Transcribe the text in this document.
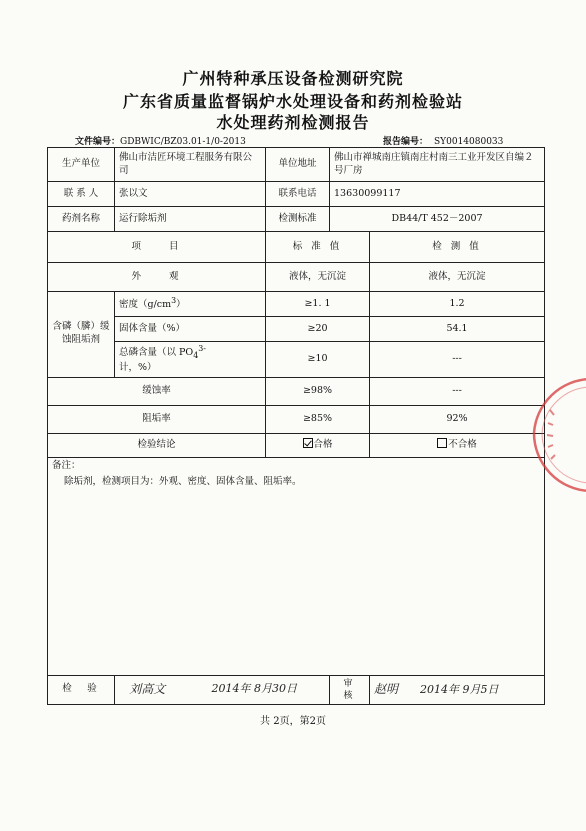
广州特种承压设备检测研究院
广东省质量监督锅炉水处理设备和药剂检验站
水处理药剂检测报告
文件编号：GDBWIC/BZ03.01-1/0-2013	报告编号： SY0014080033
生产单位	佛山市洁匠环境工程服务有限公司		单位地址	佛山市禅城南庄镇南庄村南三工业开发区自编２号厂房	
联 系 人	张以文		联系电话	13630099117	
药剂名称	运行除垢剂		检测标准	DB44/T 452－2007	
项　　目			标 准 值		检 测 值
外　　观			液体，无沉淀		液体，无沉淀
含磷（膦）缓蚀阻垢剂	密度$(g/cm^3)$		≥1. 1		1.2
	固体含量（%）		≥20		54.1
	总磷含量（以 $PO_4^{3-}$
计，%）		≥10		---
缓蚀率			≥98%		---
阻垢率			≥85%		92%
检验结论			合格		不合格

备注：
除垢剂，检测项目为：外观、密度、固体含量、阻垢率。					

检　验	刘高文	2014年 8月30日		审　核	赵明 2014年 9月5日
共 2页，第2页
